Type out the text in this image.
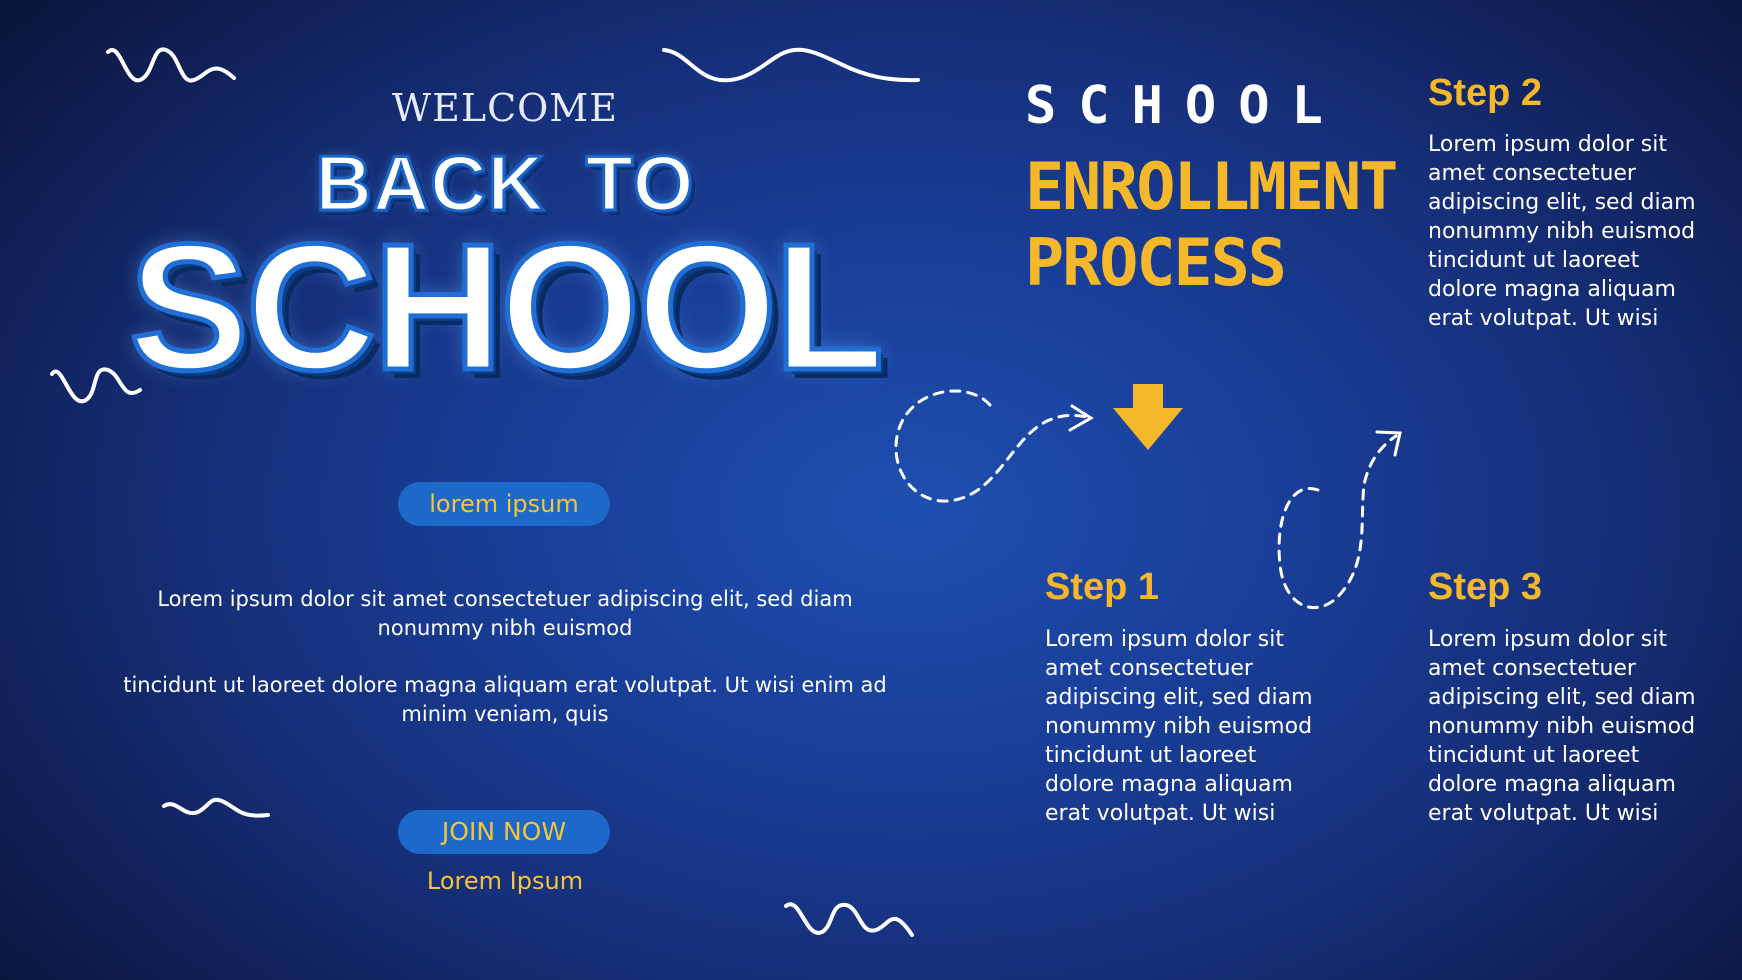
WELCOME
BACK TO
SCHOOL
lorem ipsum
Lorem ipsum dolor sit amet consectetuer adipiscing elit, sed diam nonummy nibh euismod
tincidunt ut laoreet dolore magna aliquam erat volutpat. Ut wisi enim ad minim veniam, quis
JOIN NOW
Lorem Ipsum
SCHOOL
ENROLLMENT
PROCESS
Step 2
Lorem ipsum dolor sit amet consectetuer adipiscing elit, sed diam nonummy nibh euismod tincidunt ut laoreet dolore magna aliquam erat volutpat. Ut wisi
Step 1
Lorem ipsum dolor sit amet consectetuer adipiscing elit, sed diam nonummy nibh euismod tincidunt ut laoreet dolore magna aliquam erat volutpat. Ut wisi
Step 3
Lorem ipsum dolor sit amet consectetuer adipiscing elit, sed diam nonummy nibh euismod tincidunt ut laoreet dolore magna aliquam erat volutpat. Ut wisi
